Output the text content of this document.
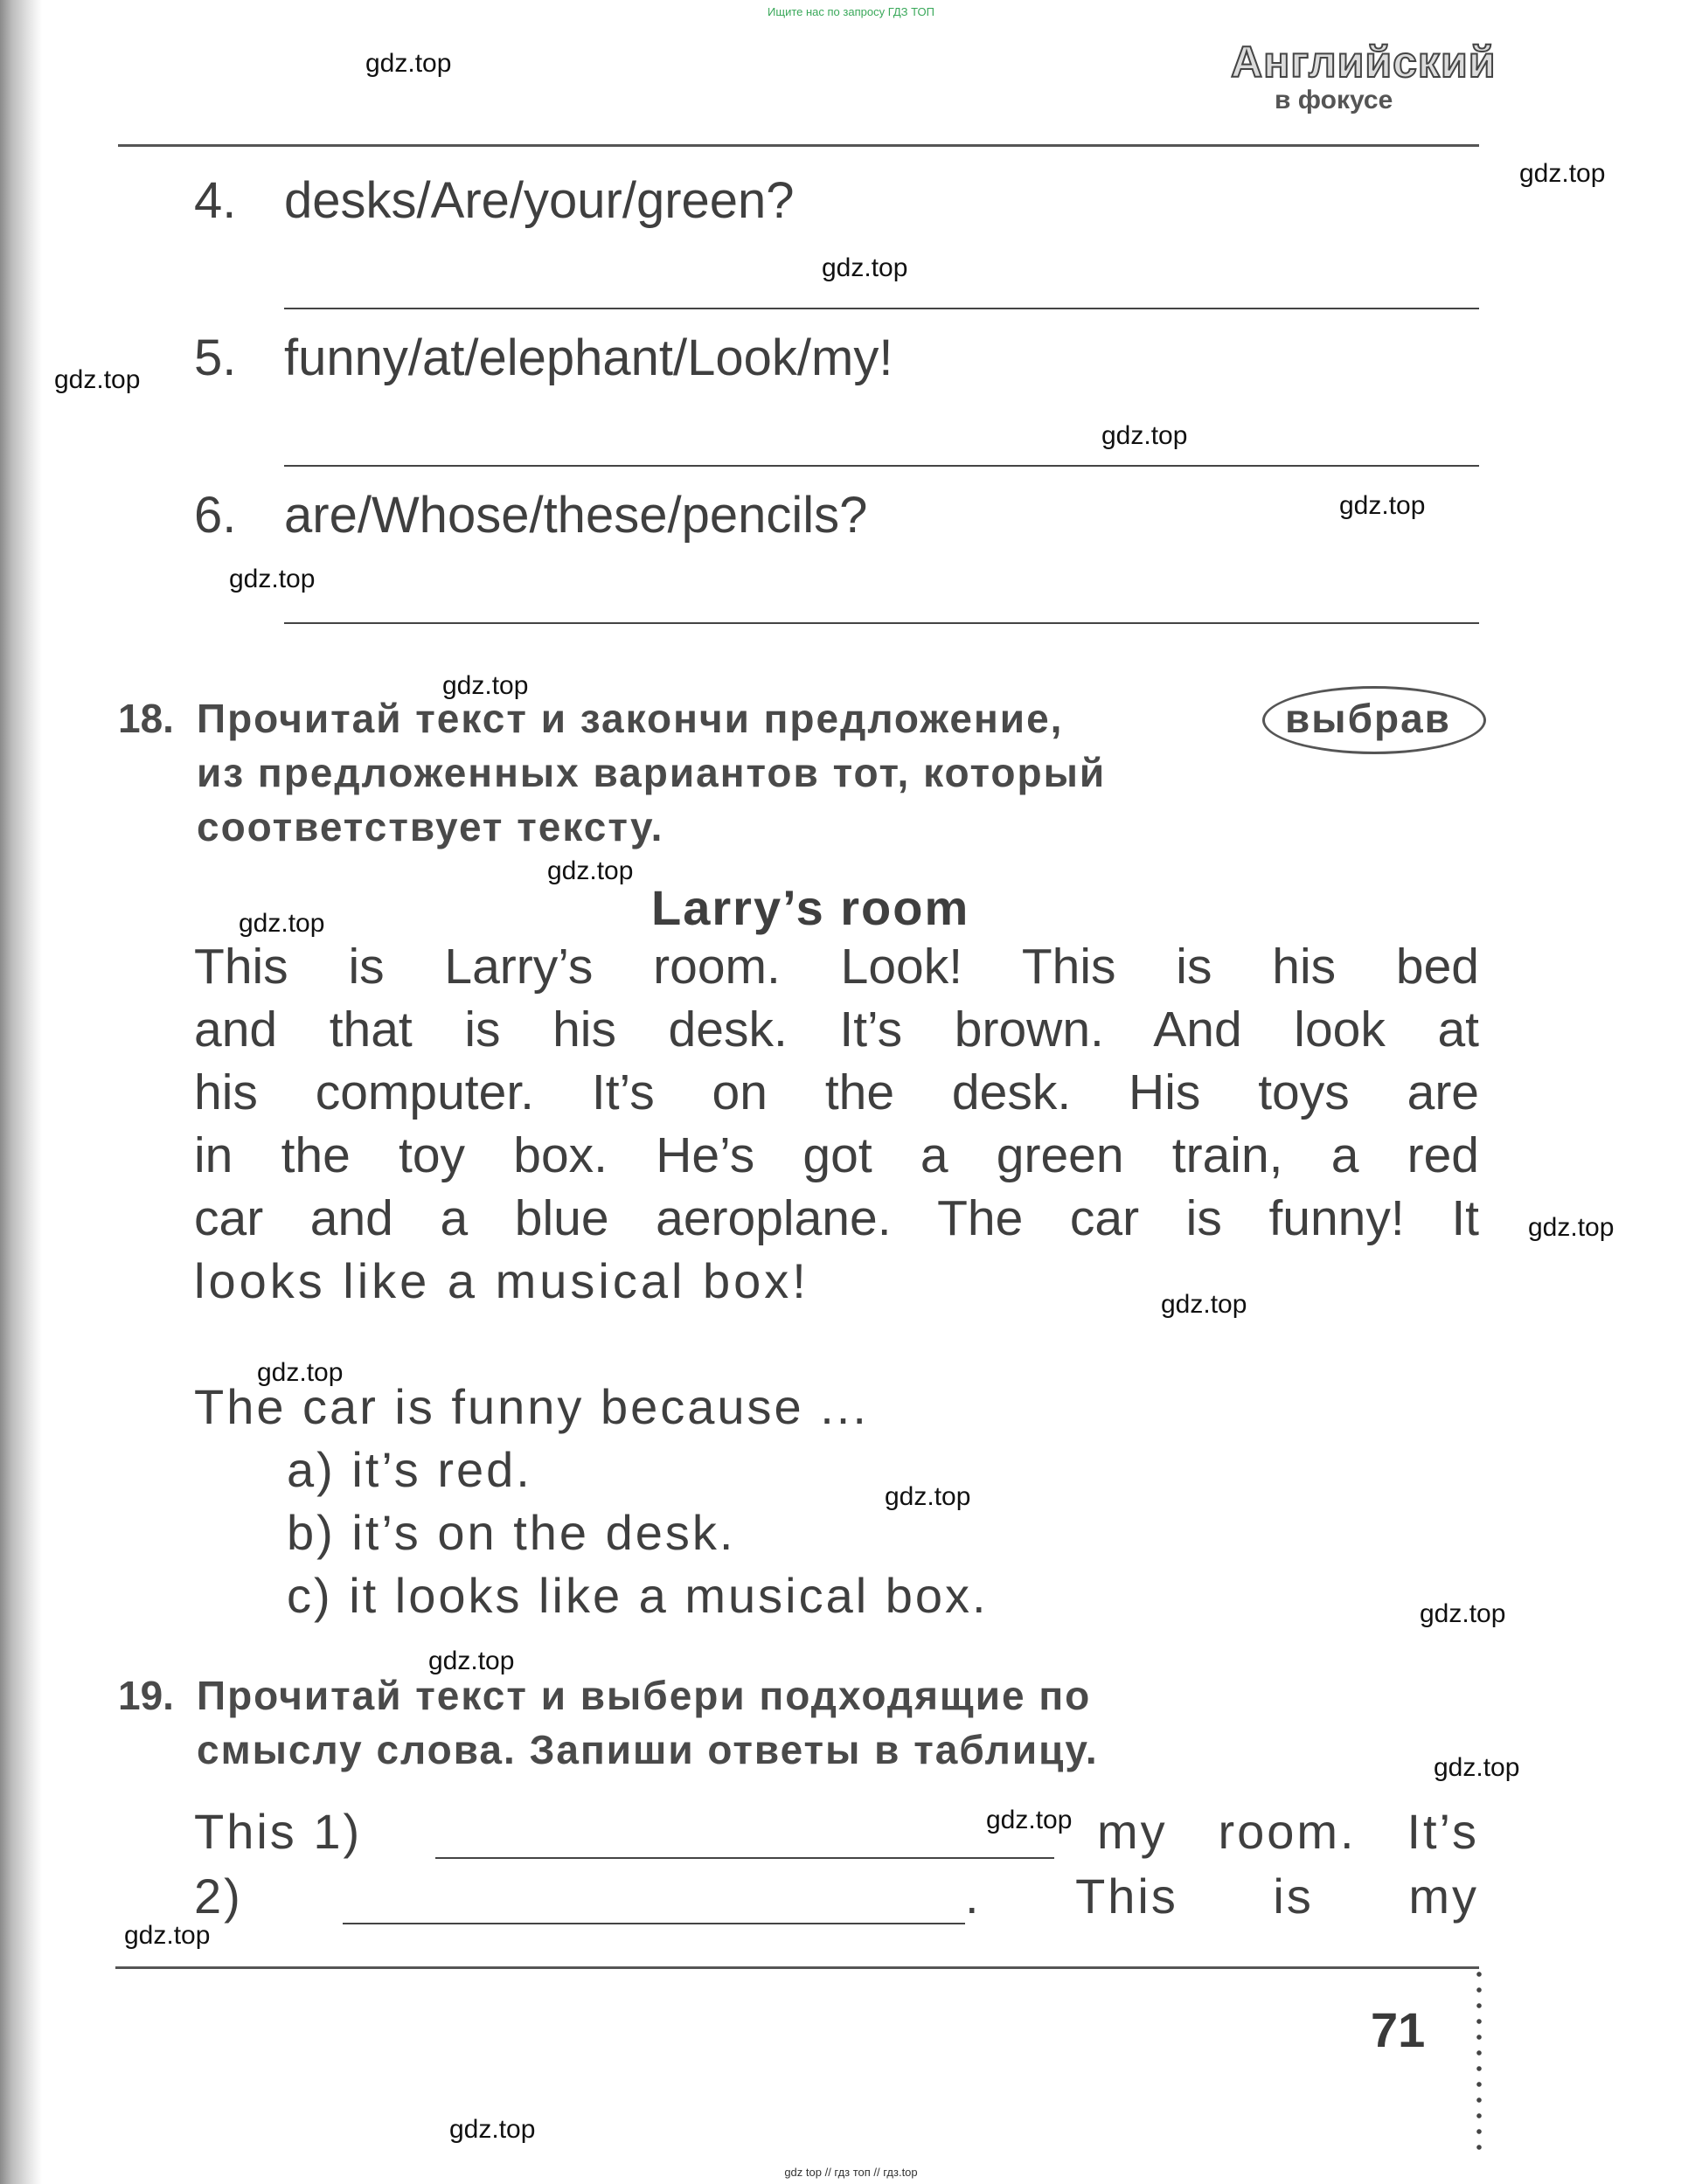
Ищите нас по запросу ГДЗ ТОП
Английский
в фокусе
4. desks/Are/your/green?
5. funny/at/elephant/Look/my!
6. are/Whose/these/pencils?
18. Прочитай текст и закончи предложение,	выбрав
из предложенных вариантов тот, который
соответствует тексту.
Larry’s room
This is Larry’s room. Look! This is his bed
and that is his desk. It’s brown. And look at
his computer. It’s on the desk. His toys are
in the toy box. He’s got a green train, a red
car and a blue aeroplane. The car is funny! It
looks like a musical box!
The car is funny because ...
a) it’s red.
b) it’s on the desk.
c) it looks like a musical box.
19. Прочитай текст и выбери подходящие по
смыслу слова. Запиши ответы в таблицу.
This 1)	my room. It’s
2)	. This is my
71
gdz.top
gdz.top
gdz.top
gdz.top
gdz.top
gdz.top
gdz.top
gdz.top
gdz.top
gdz.top
gdz.top
gdz.top
gdz.top
gdz.top
gdz.top
gdz.top
gdz.top
gdz.top
gdz.top
gdz.top
gdz top // гдз топ // гдз.top
